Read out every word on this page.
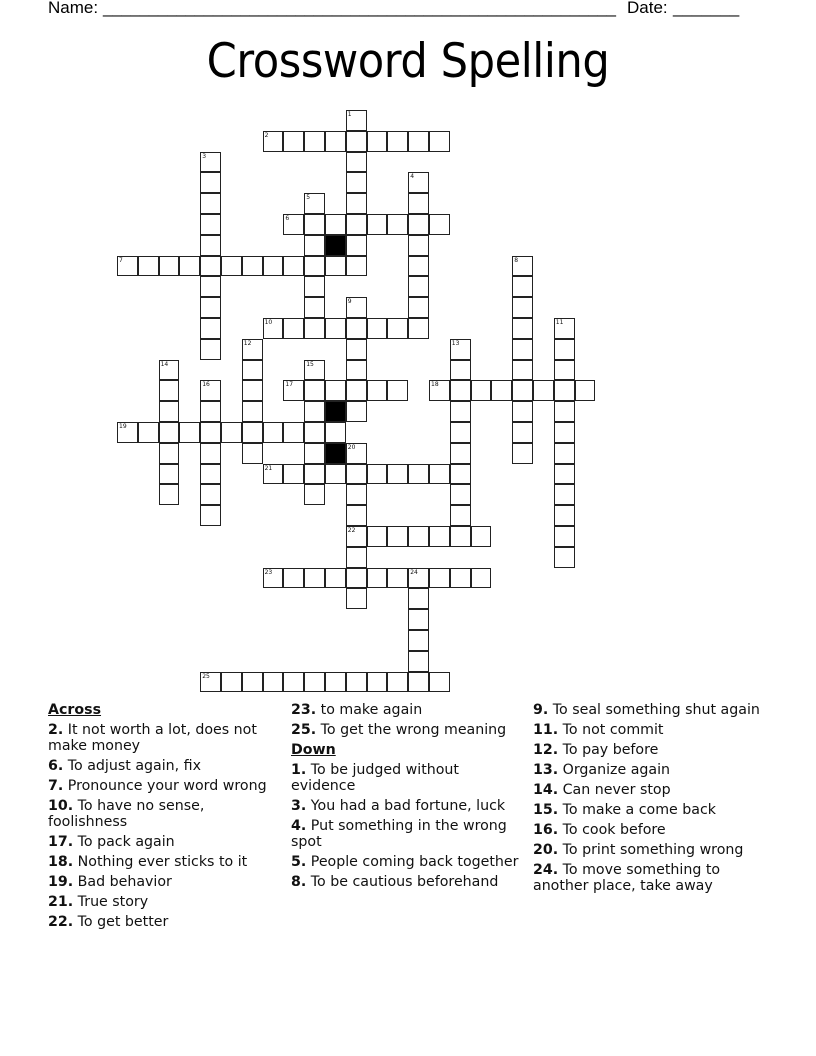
Name: ________________________________________________________ Date: _______
Crossword Spelling
1
2
3
4
5
6
7	8
9
10	11
12	13
14	15
16	17	18
19
20
22
21
23	24
25
Across
2. It not worth a lot, does not make money
6. To adjust again, fix
7. Pronounce your word wrong
10. To have no sense, foolishness
17. To pack again
18. Nothing ever sticks to it
19. Bad behavior
21. True story
22. To get better
23. to make again
25. To get the wrong meaning
Down
1. To be judged without evidence
3. You had a bad fortune, luck
4. Put something in the wrong spot
5. People coming back together
8. To be cautious beforehand
9. To seal something shut again
11. To not commit
12. To pay before
13. Organize again
14. Can never stop
15. To make a come back
16. To cook before
20. To print something wrong
24. To move something to another place, take away
